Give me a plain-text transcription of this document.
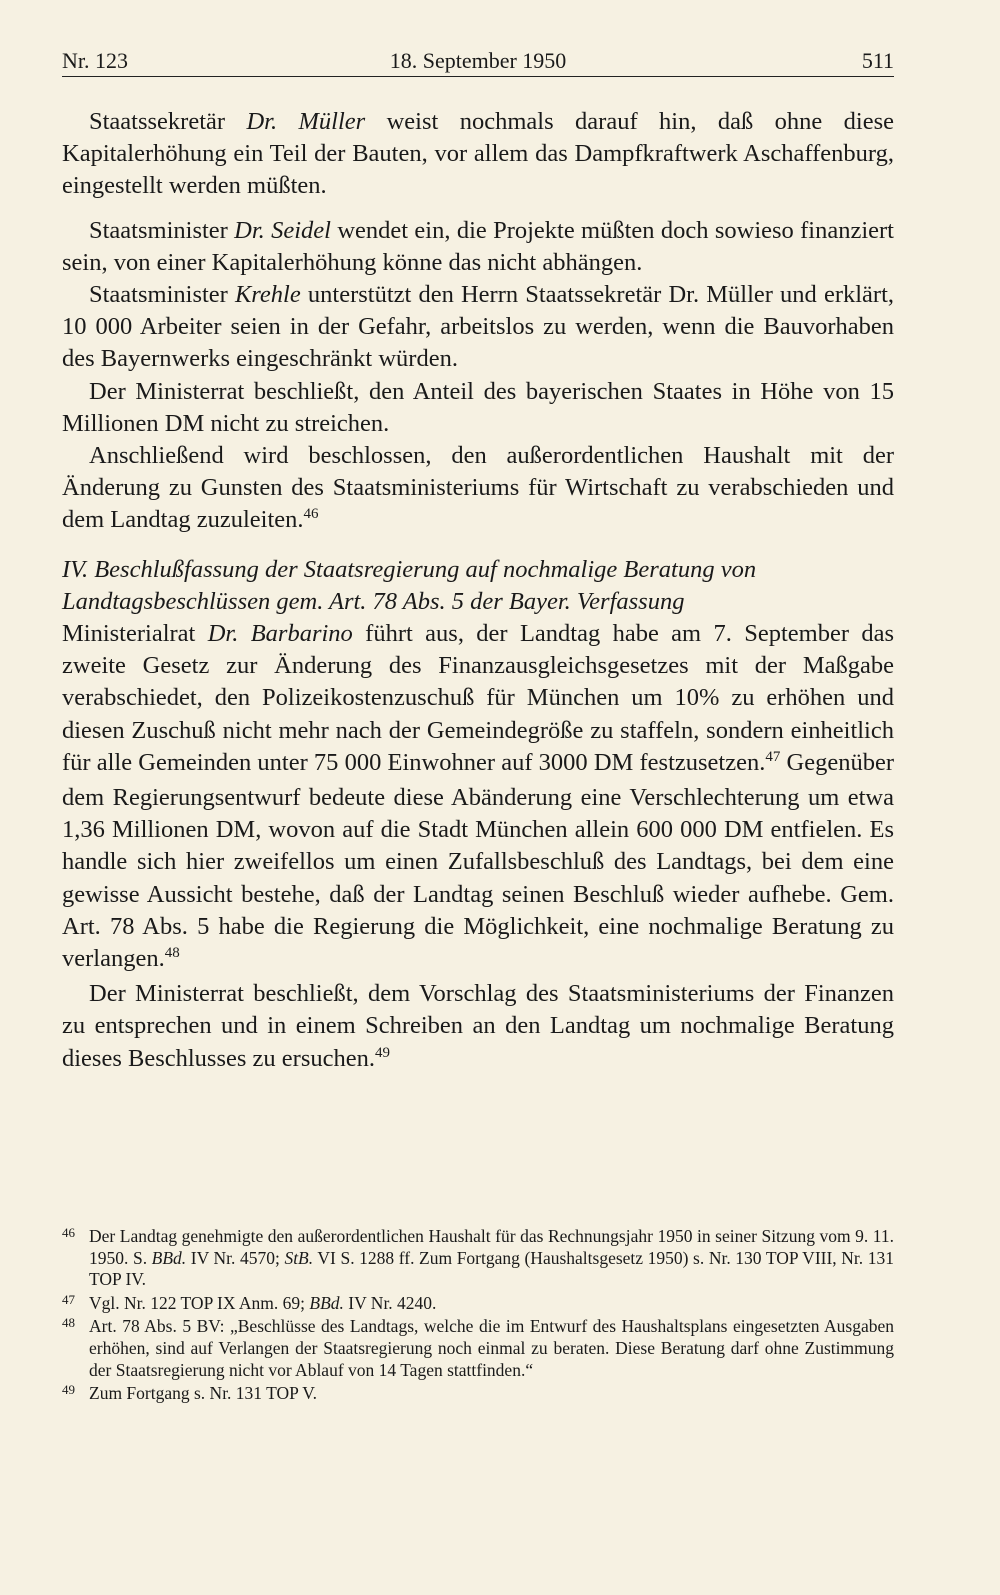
Nr. 123	18. September 1950	511

Staatssekretär Dr. Müller weist nochmals darauf hin, daß ohne diese Kapitalerhöhung ein Teil der Bauten, vor allem das Dampfkraftwerk Aschaffenburg, eingestellt werden müßten.

Staatsminister Dr. Seidel wendet ein, die Projekte müßten doch sowieso finanziert sein, von einer Kapitalerhöhung könne das nicht abhängen.

Staatsminister Krehle unterstützt den Herrn Staatssekretär Dr. Müller und erklärt, 10 000 Arbeiter seien in der Gefahr, arbeitslos zu werden, wenn die Bauvorhaben des Bayernwerks eingeschränkt würden.

Der Ministerrat beschließt, den Anteil des bayerischen Staates in Höhe von 15 Millionen DM nicht zu streichen.

Anschließend wird beschlossen, den außerordentlichen Haushalt mit der Änderung zu Gunsten des Staatsministeriums für Wirtschaft zu verabschieden und dem Landtag zuzuleiten.$^{46}$

IV. Beschlußfassung der Staatsregierung auf nochmalige Beratung von Landtagsbeschlüssen gem. Art. 78 Abs. 5 der Bayer. Verfassung

Ministerialrat Dr. Barbarino führt aus, der Landtag habe am 7. September das zweite Gesetz zur Änderung des Finanzausgleichsgesetzes mit der Maßgabe verabschiedet, den Polizeikostenzuschuß für München um 10% zu erhöhen und diesen Zuschuß nicht mehr nach der Gemeindegröße zu staffeln, sondern einheitlich für alle Gemeinden unter 75 000 Einwohner auf 3000 DM festzusetzen.$^{47}$ Gegenüber dem Regierungsentwurf bedeute diese Abänderung eine Verschlechterung um etwa 1,36 Millionen DM, wovon auf die Stadt München allein 600 000 DM entfielen. Es handle sich hier zweifellos um einen Zufallsbeschluß des Landtags, bei dem eine gewisse Aussicht bestehe, daß der Landtag seinen Beschluß wieder aufhebe. Gem. Art. 78 Abs. 5 habe die Regierung die Möglichkeit, eine nochmalige Beratung zu verlangen.$^{48}$

Der Ministerrat beschließt, dem Vorschlag des Staatsministeriums der Finanzen zu entsprechen und in einem Schreiben an den Landtag um nochmalige Beratung dieses Beschlusses zu ersuchen.$^{49}$

46 Der Landtag genehmigte den außerordentlichen Haushalt für das Rechnungsjahr 1950 in seiner Sitzung vom 9. 11. 1950. S. BBd. IV Nr. 4570; StB. VI S. 1288 ff. Zum Fortgang (Haushaltsgesetz 1950) s. Nr. 130 TOP VIII, Nr. 131 TOP IV.
47 Vgl. Nr. 122 TOP IX Anm. 69; BBd. IV Nr. 4240.
48 Art. 78 Abs. 5 BV: „Beschlüsse des Landtags, welche die im Entwurf des Haushaltsplans eingesetzten Ausgaben erhöhen, sind auf Verlangen der Staatsregierung noch einmal zu beraten. Diese Beratung darf ohne Zustimmung der Staatsregierung nicht vor Ablauf von 14 Tagen stattfinden.“
49 Zum Fortgang s. Nr. 131 TOP V.
